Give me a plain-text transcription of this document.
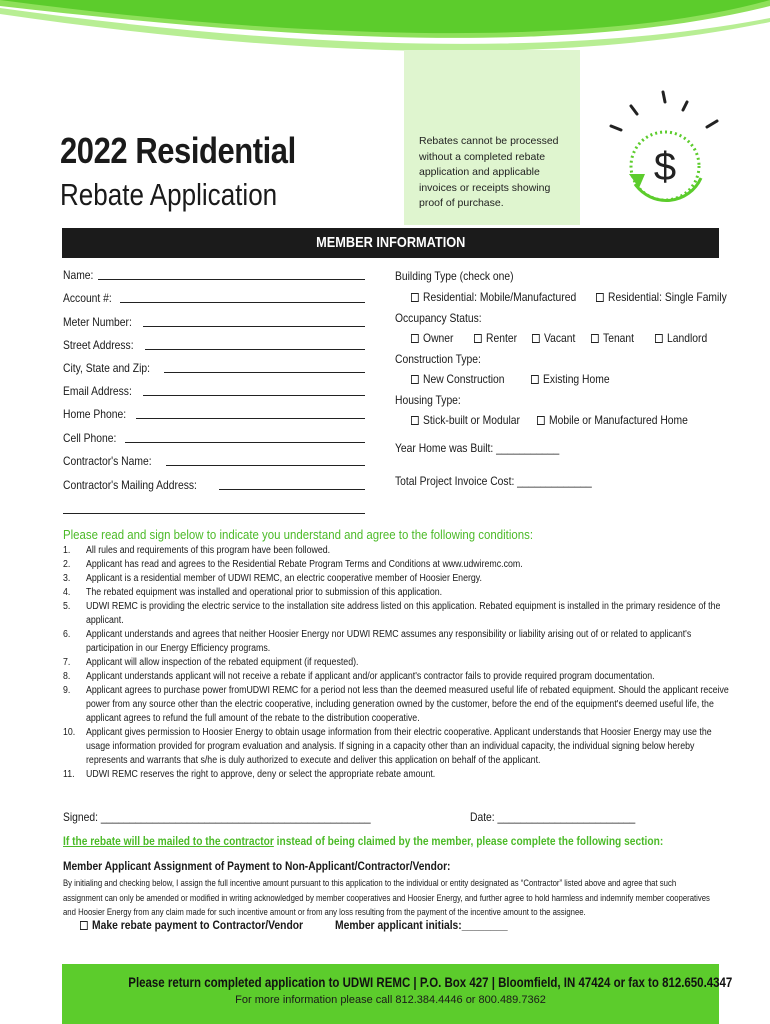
Rebates cannot be processed without a completed rebate application and applicable invoices or receipts showing proof of purchase.
2022 Residential
Rebate Application
$
MEMBER INFORMATION
Name:
Account #:
Meter Number:
Street Address:
City, State and Zip:
Email Address:
Home Phone:
Cell Phone:
Contractor's Name:
Contractor's Mailing Address:
Building Type (check one)
Residential: Mobile/Manufactured	Residential: Single Family
Occupancy Status:
Owner	Renter	Vacant	Tenant	Landlord
Construction Type:
New Construction	Existing Home
Housing Type:
Stick-built or Modular	Mobile or Manufactured Home
Year Home was Built: ___________
Total Project Invoice Cost: _____________
Please read and sign below to indicate you understand and agree to the following conditions:
1. All rules and requirements of this program have been followed.
2. Applicant has read and agrees to the Residential Rebate Program Terms and Conditions at www.udwiremc.com.
3. Applicant is a residential member of UDWI REMC, an electric cooperative member of Hoosier Energy.
4. The rebated equipment was installed and operational prior to submission of this application.
5. UDWI REMC is providing the electric service to the installation site address listed on this application. Rebated equipment is installed in the primary residence of the applicant.
6. Applicant understands and agrees that neither Hoosier Energy nor UDWI REMC assumes any responsibility or liability arising out of or related to applicant's participation in our Energy Efficiency programs.
7. Applicant will allow inspection of the rebated equipment (if requested).
8. Applicant understands applicant will not receive a rebate if applicant and/or applicant's contractor fails to provide required program documentation.
9. Applicant agrees to purchase power fromUDWI REMC for a period not less than the deemed measured useful life of rebated equipment. Should the applicant receive power from any source other than the electric cooperative, including generation owned by the customer, before the end of the equipment's deemed useful life, the applicant agrees to refund the full amount of the rebate to the distribution cooperative.
10. Applicant gives permission to Hoosier Energy to obtain usage information from their electric cooperative. Applicant understands that Hoosier Energy may use the usage information provided for program evaluation and analysis. If signing in a capacity other than an individual capacity, the individual signing below hereby represents and warrants that s/he is duly authorized to execute and deliver this application on behalf of the applicant.
11. UDWI REMC reserves the right to approve, deny or select the appropriate rebate amount.
Signed: _______________________________________________	Date: ________________________
If the rebate will be mailed to the contractor instead of being claimed by the member, please complete the following section:
Member Applicant Assignment of Payment to Non-Applicant/Contractor/Vendor:
By initialing and checking below, I assign the full incentive amount pursuant to this application to the individual or entity designated as “Contractor” listed above and agree that such assignment can only be amended or modified in writing acknowledged by member cooperatives and Hoosier Energy, and further agree to hold harmless and indemnify member cooperatives and Hoosier Energy from any claim made for such incentive amount or from any loss resulting from the payment of the incentive amount to the assignee.
Make rebate payment to Contractor/Vendor	Member applicant initials:________
Please return completed application to UDWI REMC | P.O. Box 427 | Bloomfield, IN 47424 or fax to 812.650.4347
For more information please call 812.384.4446 or 800.489.7362
